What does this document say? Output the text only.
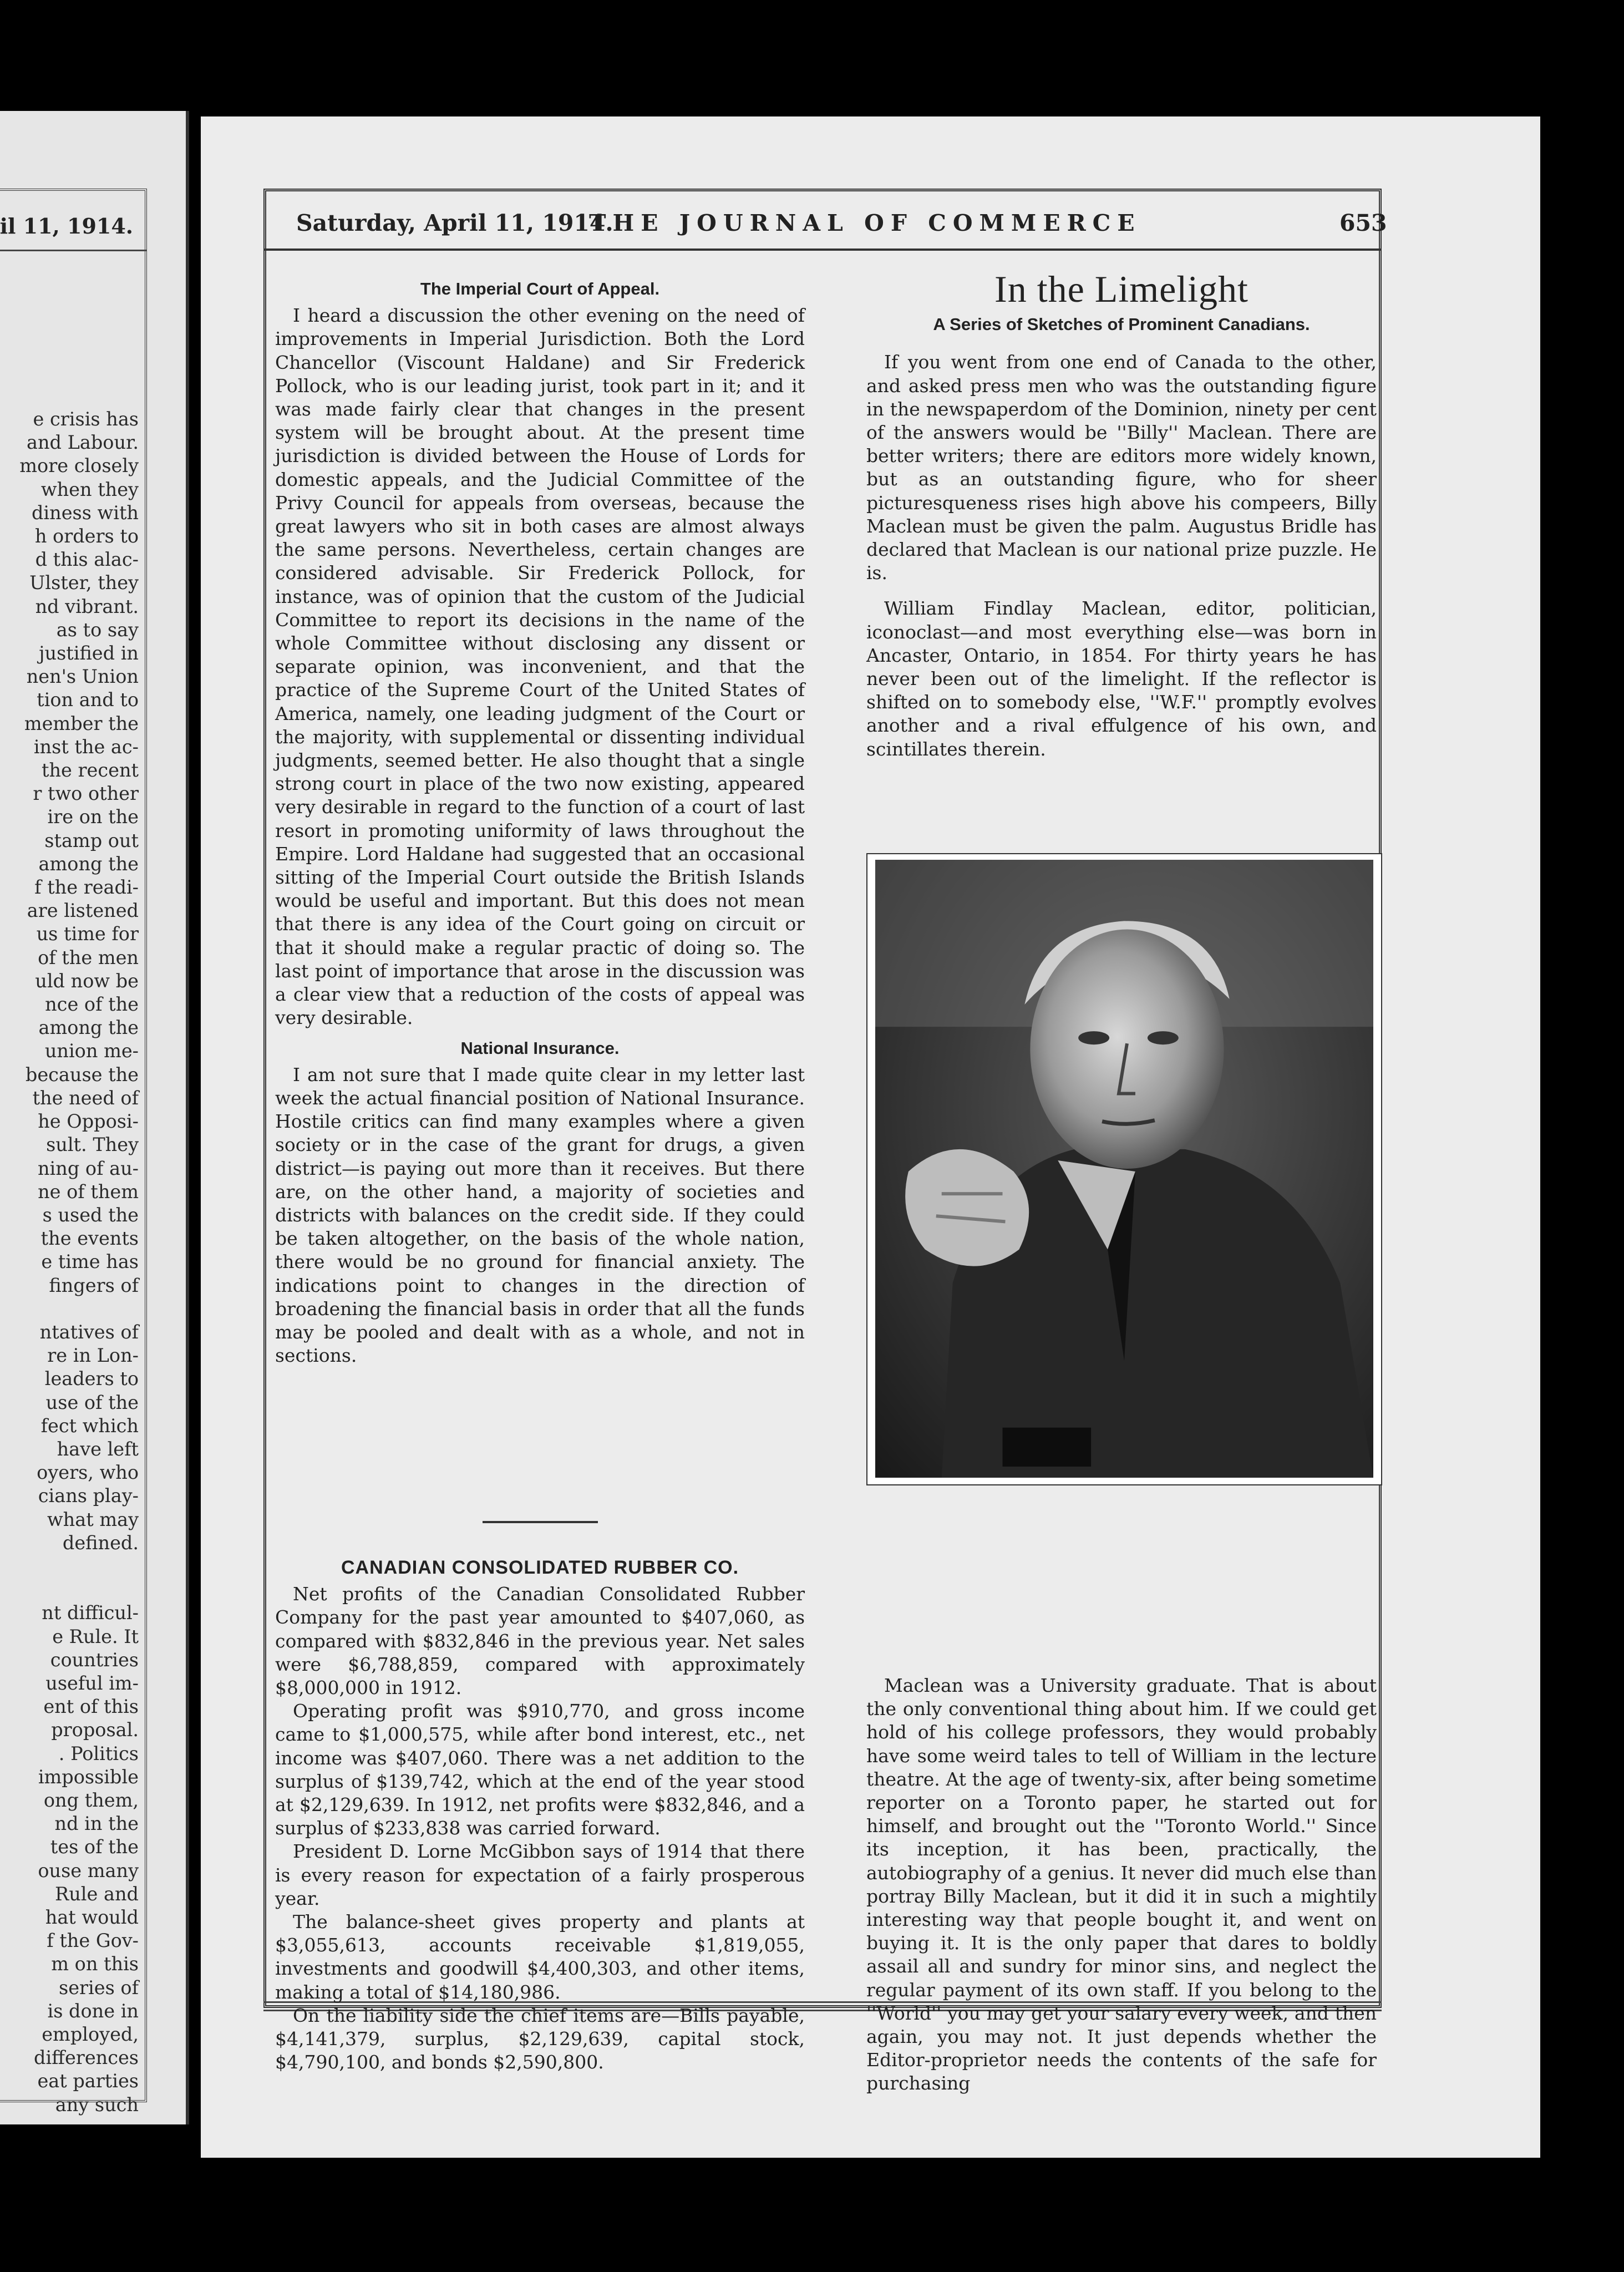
il 11, 1914.
e crisis has
and Labour.
more closely
when they
diness with
h orders to
d this alac-
Ulster, they
nd vibrant.
as to say
justified in
nen's Union
tion and to
member the
inst the ac-
the recent
r two other
ire on the
stamp out
among the
f the readi-
are listened
us time for
of the men
uld now be
nce of the
among the
union me-
because the
the need of
he Opposi-
sult. They
ning of au-
ne of them
s used the
the events
e time has
fingers of

ntatives of
re in Lon-
leaders to
use of the
fect which
have left
oyers, who
cians play-
what may
defined.

nt difficul-
e Rule. It
countries
useful im-
ent of this
proposal.
. Politics
impossible
ong them,
nd in the
tes of the
ouse many
Rule and
hat would
f the Gov-
m on this
series of
is done in
employed,
differences
eat parties
any such
Saturday, April 11, 1914.
THE JOURNAL OF COMMERCE	653
The Imperial Court of Appeal.

I heard a discussion the other evening on the need of improvements in Imperial Jurisdiction. Both the Lord Chancellor (Viscount Haldane) and Sir Frederick Pollock, who is our leading jurist, took part in it; and it was made fairly clear that changes in the present system will be brought about. At the present time jurisdiction is divided between the House of Lords for domestic appeals, and the Judicial Committee of the Privy Council for appeals from overseas, because the great lawyers who sit in both cases are almost always the same persons. Nevertheless, certain changes are considered advisable. Sir Frederick Pollock, for instance, was of opinion that the custom of the Judicial Committee to report its decisions in the name of the whole Committee without disclosing any dissent or separate opinion, was inconvenient, and that the practice of the Supreme Court of the United States of America, namely, one leading judgment of the Court or the majority, with supplemental or dissenting individual judgments, seemed better. He also thought that a single strong court in place of the two now existing, appeared very desirable in regard to the function of a court of last resort in promoting uniformity of laws throughout the Empire. Lord Haldane had suggested that an occasional sitting of the Imperial Court outside the British Islands would be useful and important. But this does not mean that there is any idea of the Court going on circuit or that it should make a regular practic of doing so. The last point of importance that arose in the discussion was a clear view that a reduction of the costs of appeal was very desirable.

National Insurance.

I am not sure that I made quite clear in my letter last week the actual financial position of National Insurance. Hostile critics can find many examples where a given society or in the case of the grant for drugs, a given district—is paying out more than it receives. But there are, on the other hand, a majority of societies and districts with balances on the credit side. If they could be taken altogether, on the basis of the whole nation, there would be no ground for financial anxiety. The indications point to changes in the direction of broadening the financial basis in order that all the funds may be pooled and dealt with as a whole, and not in sections.

CANADIAN CONSOLIDATED RUBBER CO.

Net profits of the Canadian Consolidated Rubber Company for the past year amounted to $407,060, as compared with $832,846 in the previous year. Net sales were $6,788,859, compared with approximately $8,000,000 in 1912.

Operating profit was $910,770, and gross income came to $1,000,575, while after bond interest, etc., net income was $407,060. There was a net addition to the surplus of $139,742, which at the end of the year stood at $2,129,639. In 1912, net profits were $832,846, and a surplus of $233,838 was carried forward.

President D. Lorne McGibbon says of 1914 that there is every reason for expectation of a fairly prosperous year.

The balance-sheet gives property and plants at $3,055,613, accounts receivable $1,819,055, investments and goodwill $4,400,303, and other items, making a total of $14,180,986.

On the liability side the chief items are—Bills payable, $4,141,379, surplus, $2,129,639, capital stock, $4,790,100, and bonds $2,590,800.

In the Limelight
A Series of Sketches of Prominent Canadians.

If you went from one end of Canada to the other, and asked press men who was the outstanding figure in the newspaperdom of the Dominion, ninety per cent of the answers would be ''Billy'' Maclean. There are better writers; there are editors more widely known, but as an outstanding figure, who for sheer picturesqueness rises high above his compeers, Billy Maclean must be given the palm. Augustus Bridle has declared that Maclean is our national prize puzzle. He is.

William Findlay Maclean, editor, politician, iconoclast—and most everything else—was born in Ancaster, Ontario, in 1854. For thirty years he has never been out of the limelight. If the reflector is shifted on to somebody else, ''W.F.'' promptly evolves another and a rival effulgence of his own, and scintillates therein.

Maclean was a University graduate. That is about the only conventional thing about him. If we could get hold of his college professors, they would probably have some weird tales to tell of William in the lecture theatre. At the age of twenty-six, after being sometime reporter on a Toronto paper, he started out for himself, and brought out the ''Toronto World.'' Since its inception, it has been, practically, the autobiography of a genius. It never did much else than portray Billy Maclean, but it did it in such a mightily interesting way that people bought it, and went on buying it. It is the only paper that dares to boldly assail all and sundry for minor sins, and neglect the regular payment of its own staff. If you belong to the ''World'' you may get your salary every week, and then again, you may not. It just depends whether the Editor-proprietor needs the contents of the safe for purchasing
